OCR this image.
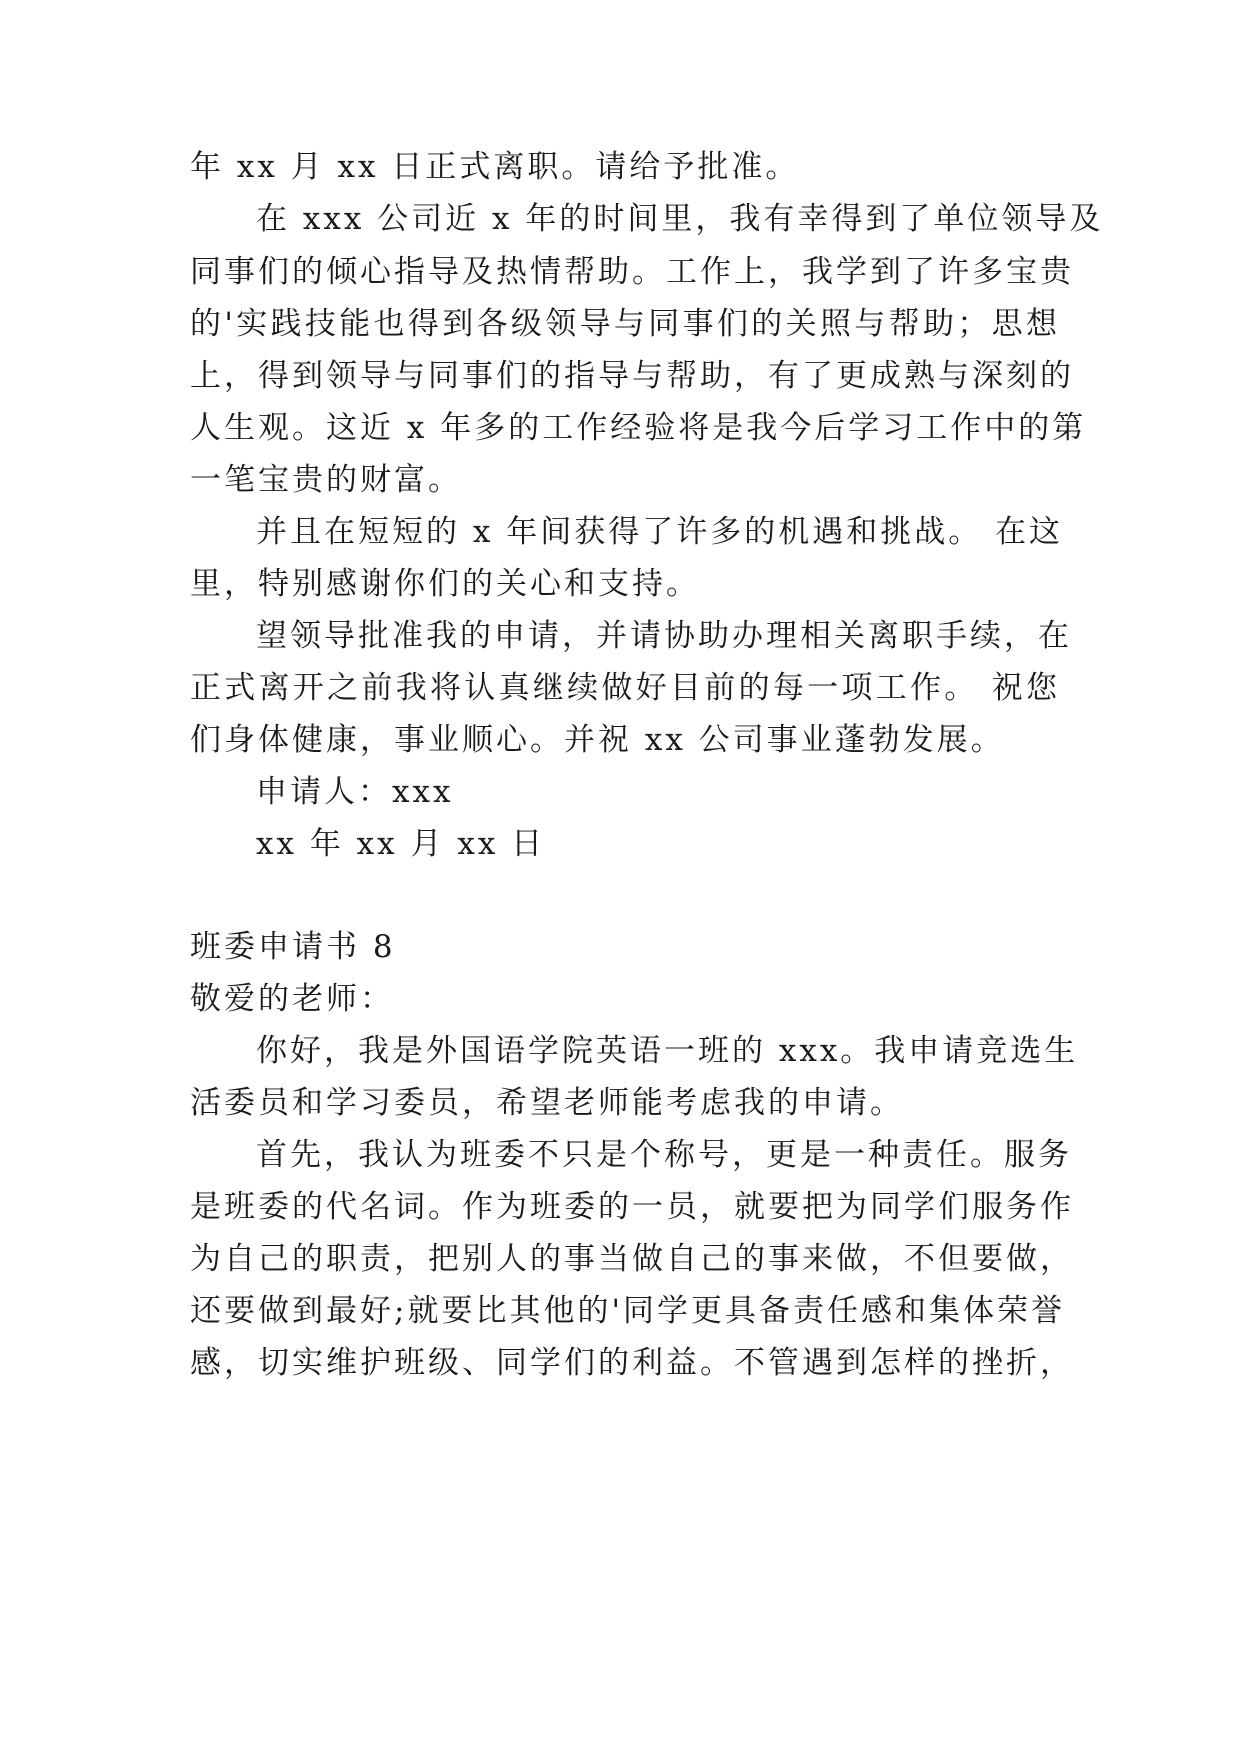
年 xx 月 xx 日正式离职。请给予批准。
在 xxx 公司近 x 年的时间里，我有幸得到了单位领导及
同事们的倾心指导及热情帮助。工作上，我学到了许多宝贵
的'实践技能也得到各级领导与同事们的关照与帮助；思想
上，得到领导与同事们的指导与帮助，有了更成熟与深刻的
人生观。这近 x 年多的工作经验将是我今后学习工作中的第
一笔宝贵的财富。
并且在短短的 x 年间获得了许多的机遇和挑战。 在这
里，特别感谢你们的关心和支持。
望领导批准我的申请，并请协助办理相关离职手续，在
正式离开之前我将认真继续做好目前的每一项工作。 祝您
们身体健康，事业顺心。并祝 xx 公司事业蓬勃发展。
申请人：xxx
xx 年 xx 月 xx 日
班委申请书 8
敬爱的老师：
你好，我是外国语学院英语一班的 xxx。我申请竞选生
活委员和学习委员，希望老师能考虑我的申请。
首先，我认为班委不只是个称号，更是一种责任。服务
是班委的代名词。作为班委的一员，就要把为同学们服务作
为自己的职责，把别人的事当做自己的事来做，不但要做，
还要做到最好;就要比其他的'同学更具备责任感和集体荣誉
感，切实维护班级、同学们的利益。不管遇到怎样的挫折，
